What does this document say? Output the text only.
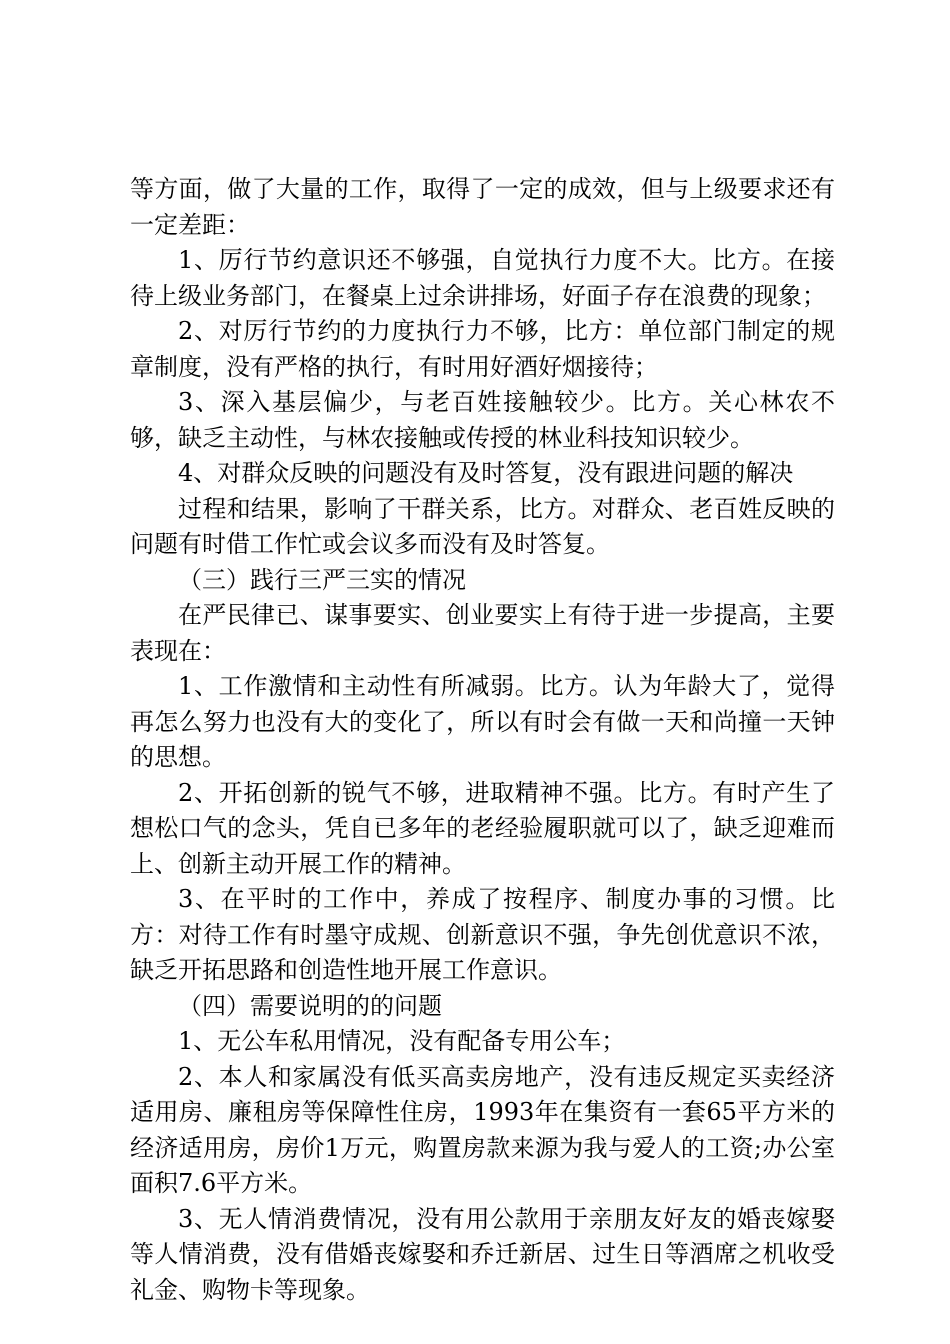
等方面，做了大量的工作，取得了一定的成效，但与上级要求还有一定差距：

1、厉行节约意识还不够强，自觉执行力度不大。比方。在接待上级业务部门，在餐桌上过余讲排场，好面子存在浪费的现象；

2、对厉行节约的力度执行力不够，比方：单位部门制定的规章制度，没有严格的执行，有时用好酒好烟接待；

3、深入基层偏少，与老百姓接触较少。比方。关心林农不够，缺乏主动性，与林农接触或传授的林业科技知识较少。

4、对群众反映的问题没有及时答复，没有跟进问题的解决

过程和结果，影响了干群关系，比方。对群众、老百姓反映的问题有时借工作忙或会议多而没有及时答复。

（三）践行三严三实的情况

在严民律已、谋事要实、创业要实上有待于进一步提高，主要表现在：

1、工作激情和主动性有所减弱。比方。认为年龄大了，觉得再怎么努力也没有大的变化了，所以有时会有做一天和尚撞一天钟的思想。

2、开拓创新的锐气不够，进取精神不强。比方。有时产生了想松口气的念头，凭自已多年的老经验履职就可以了，缺乏迎难而上、创新主动开展工作的精神。

3、在平时的工作中，养成了按程序、制度办事的习惯。比方：对待工作有时墨守成规、创新意识不强，争先创优意识不浓，缺乏开拓思路和创造性地开展工作意识。

（四）需要说明的的问题

1、无公车私用情况，没有配备专用公车；

2、本人和家属没有低买高卖房地产，没有违反规定买卖经济适用房、廉租房等保障性住房，1993年在集资有一套65平方米的经济适用房，房价1万元，购置房款来源为我与爱人的工资;办公室面积7.6平方米。

3、无人情消费情况，没有用公款用于亲朋友好友的婚丧嫁娶等人情消费，没有借婚丧嫁娶和乔迁新居、过生日等酒席之机收受礼金、购物卡等现象。
